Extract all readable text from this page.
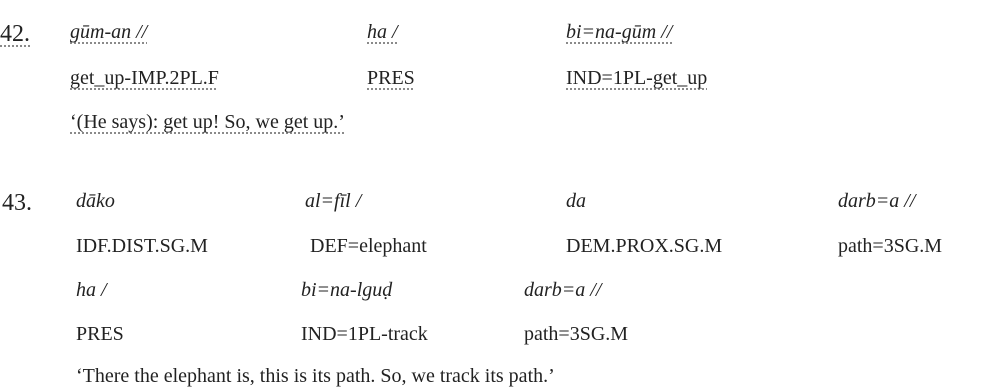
42. gūm-an //	ha /	bi=na-gūm //
get_up-IMP.2PL.F	PRES	IND=1PL-get_up
‘(He says): get up! So, we get up.’
43. dāko	al=fīl /	da	darb=a //
IDF.DIST.SG.M	DEF=elephant	DEM.PROX.SG.M	path=3SG.M
ha /	bi=na-lguḍ	darb=a //
PRES	IND=1PL-track	path=3SG.M
‘There the elephant is, this is its path. So, we track its path.’
